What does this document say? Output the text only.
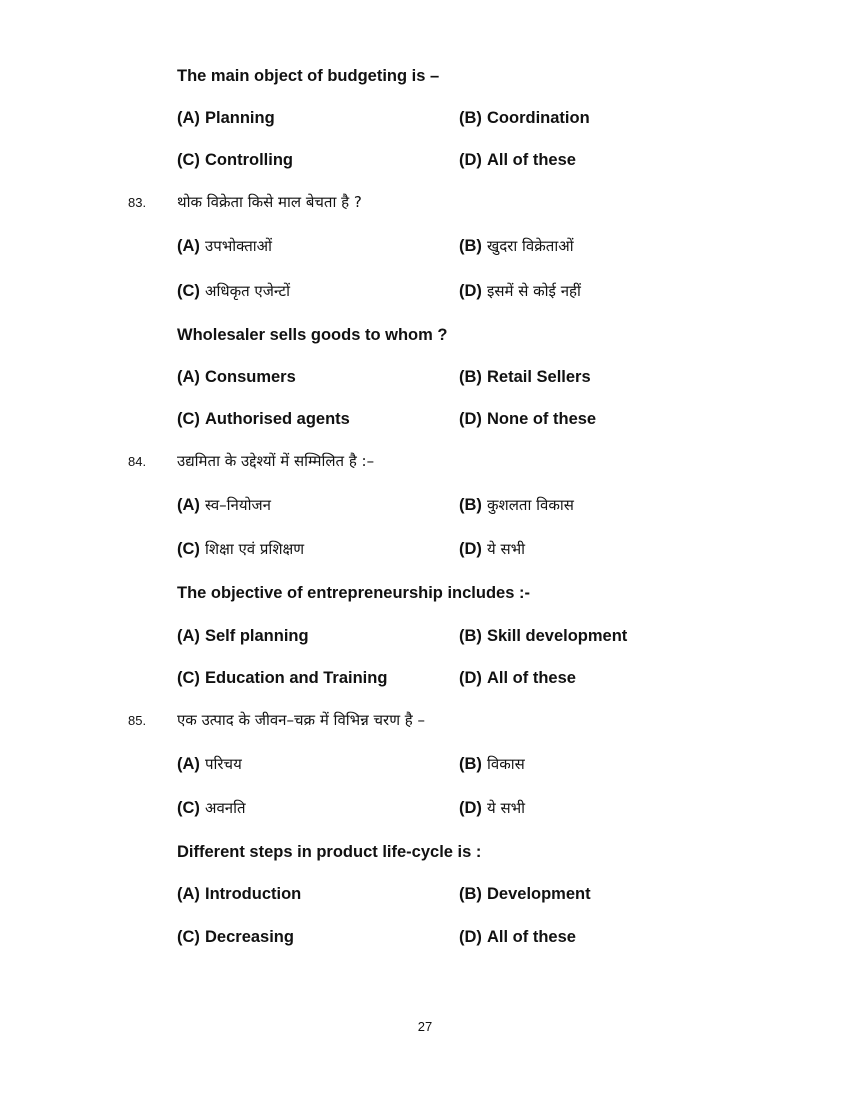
The main object of budgeting is –
(A) Planning	(B) Coordination
(C) Controlling	(D) All of these
83. थोक विक्रेता किसे माल बेचता है ?
(A) उपभोक्ताओं	(B) खुदरा विक्रेताओं
(C) अधिकृत एजेन्टों	(D) इसमें से कोई नहीं
Wholesaler sells goods to whom ?
(A) Consumers	(B) Retail Sellers
(C) Authorised agents	(D) None of these
84. उद्यमिता के उद्देश्यों में सम्मिलित है :–
(A) स्व–नियोजन	(B) कुशलता विकास
(C) शिक्षा एवं प्रशिक्षण	(D) ये सभी
The objective of entrepreneurship includes :-
(A) Self planning	(B) Skill development
(C) Education and Training	(D) All of these
85. एक उत्पाद के जीवन–चक्र में विभिन्न चरण है –
(A) परिचय	(B) विकास
(C) अवनति	(D) ये सभी
Different steps in product life-cycle is :
(A) Introduction	(B) Development
(C) Decreasing	(D) All of these
27
